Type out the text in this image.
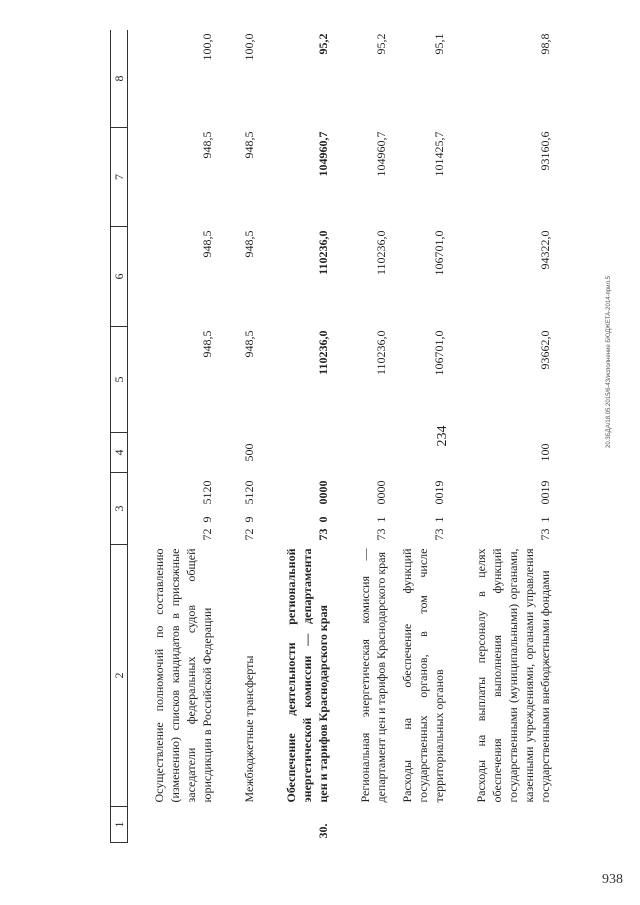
234	20.3БДА/18.05.2015/6-43/исполнение БЮДЖЕТА-2014-прил.5
938
1	2	3			4	5	6	7	8
	Осуществление полномочий по составлению (изменению) списков кандидатов в присяжные заседатели федеральных судов общей юрисдикции в Российской Федерации	72	9	5120		948,5	948,5	948,5	100,0
	Межбюджетные трансферты	72	9	5120	500	948,5	948,5	948,5	100,0
30.	Обеспечение деятельности региональной энергетической комиссии — департамента цен и тарифов Краснодарского края	73	0	0000		110236,0	110236,0	104960,7	95,2
	Региональная энергетическая комиссия — департамент цен и тарифов Краснодарского края	73	1	0000		110236,0	110236,0	104960,7	95,2
	Расходы на обеспечение функций государственных органов, в том числе территориальных органов	73	1	0019		106701,0	106701,0	101425,7	95,1
	Расходы на выплаты персоналу в целях обеспечения выполнения функций государственными (муниципальными) органами, казенными учреждениями, органами управления государственными внебюджетными фондами	73	1	0019	100	93662,0	94322,0	93160,6	98,8
